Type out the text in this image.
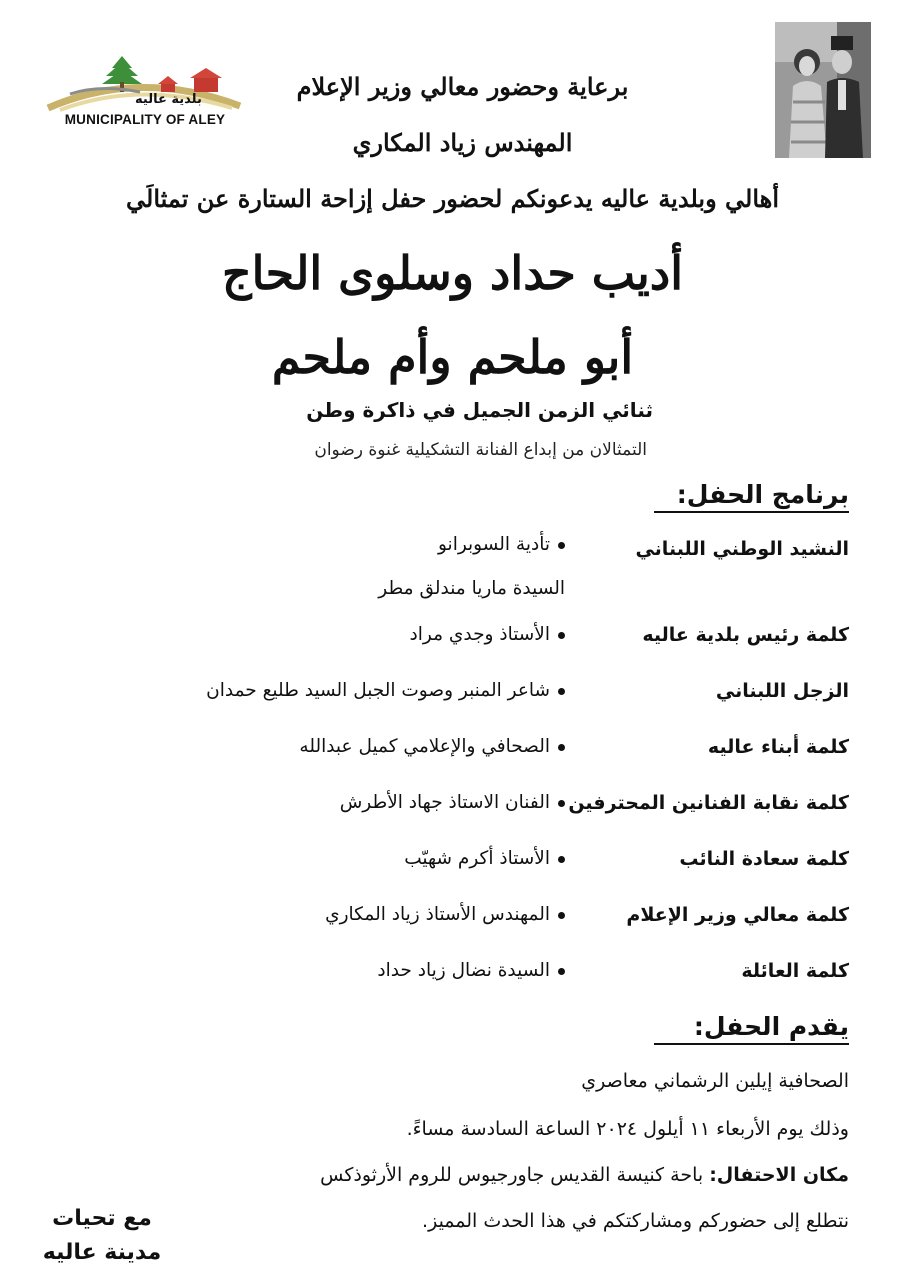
بلدية عاليه
MUNICIPALITY OF ALEY
برعاية وحضور معالي وزير الإعلام
المهندس زياد المكاري
أهالي وبلدية عاليه يدعونكم لحضور حفل إزاحة الستارة عن تمثالَي
أديب حداد وسلوى الحاج
أبو ملحم وأم ملحم
ثنائي الزمن الجميل في ذاكرة وطن
التمثالان من إبداع الفنانة التشكيلية غنوة رضوان
برنامج الحفل:
النشيد الوطني اللبناني
تأدية السوبرانو
السيدة ماريا مندلق مطر
كلمة رئيس بلدية عاليه
الأستاذ وجدي مراد
الزجل اللبناني
شاعر المنبر وصوت الجبل السيد طليع حمدان
كلمة أبناء عاليه
الصحافي والإعلامي كميل عبدالله
كلمة نقابة الفنانين المحترفين
الفنان الاستاذ جهاد الأطرش
كلمة سعادة النائب
الأستاذ أكرم شهيّب
كلمة معالي وزير الإعلام
المهندس الأستاذ زياد المكاري
كلمة العائلة
السيدة نضال زياد حداد
يقدم الحفل:
الصحافية إيلين الرشماني معاصري
وذلك يوم الأربعاء ١١ أيلول ٢٠٢٤ الساعة السادسة مساءً.
مكان الاحتفال: باحة كنيسة القديس جاورجيوس للروم الأرثوذكس
نتطلع إلى حضوركم ومشاركتكم في هذا الحدث المميز.
مع تحيات
مدينة عاليه
